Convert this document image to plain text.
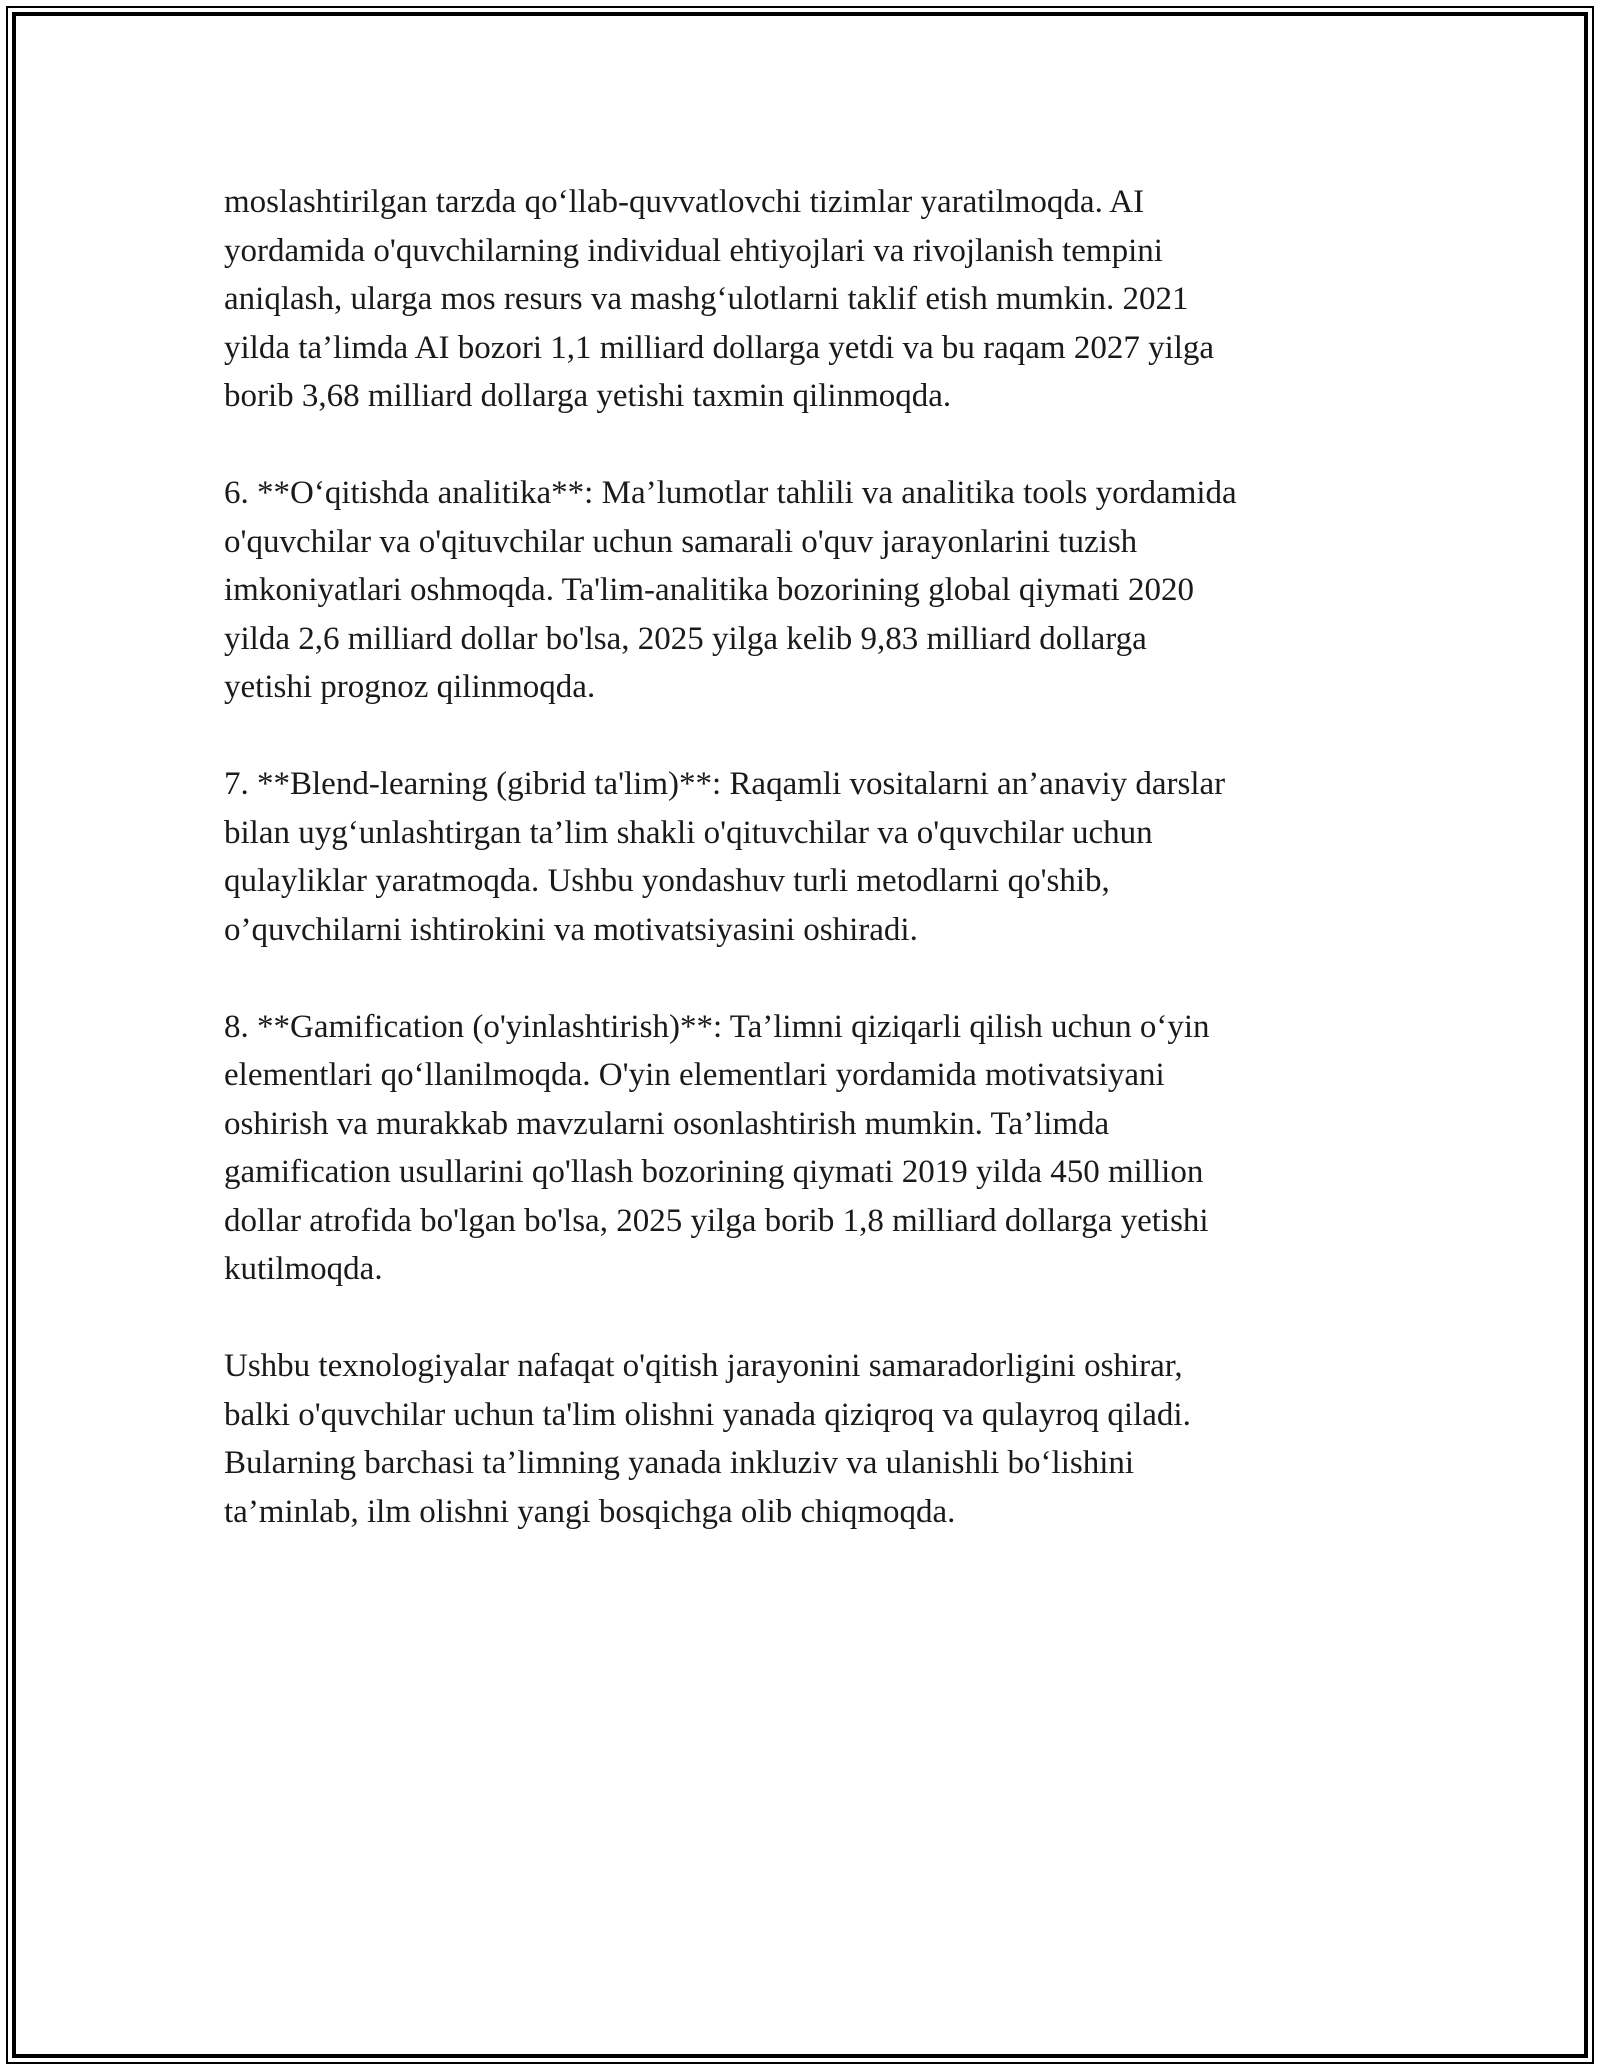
moslashtirilgan tarzda qo‘llab-quvvatlovchi tizimlar yaratilmoqda. AI
yordamida o'quvchilarning individual ehtiyojlari va rivojlanish tempini
aniqlash, ularga mos resurs va mashg‘ulotlarni taklif etish mumkin. 2021
yilda ta’limda AI bozori 1,1 milliard dollarga yetdi va bu raqam 2027 yilga
borib 3,68 milliard dollarga yetishi taxmin qilinmoqda.

6. **O‘qitishda analitika**: Ma’lumotlar tahlili va analitika tools yordamida
o'quvchilar va o'qituvchilar uchun samarali o'quv jarayonlarini tuzish
imkoniyatlari oshmoqda. Ta'lim-analitika bozorining global qiymati 2020
yilda 2,6 milliard dollar bo'lsa, 2025 yilga kelib 9,83 milliard dollarga
yetishi prognoz qilinmoqda.

7. **Blend-learning (gibrid ta'lim)**: Raqamli vositalarni an’anaviy darslar
bilan uyg‘unlashtirgan ta’lim shakli o'qituvchilar va o'quvchilar uchun
qulayliklar yaratmoqda. Ushbu yondashuv turli metodlarni qo'shib,
o’quvchilarni ishtirokini va motivatsiyasini oshiradi.

8. **Gamification (o'yinlashtirish)**: Ta’limni qiziqarli qilish uchun o‘yin
elementlari qo‘llanilmoqda. O'yin elementlari yordamida motivatsiyani
oshirish va murakkab mavzularni osonlashtirish mumkin. Ta’limda
gamification usullarini qo'llash bozorining qiymati 2019 yilda 450 million
dollar atrofida bo'lgan bo'lsa, 2025 yilga borib 1,8 milliard dollarga yetishi
kutilmoqda.

Ushbu texnologiyalar nafaqat o'qitish jarayonini samaradorligini oshirar,
balki o'quvchilar uchun ta'lim olishni yanada qiziqroq va qulayroq qiladi.
Bularning barchasi ta’limning yanada inkluziv va ulanishli bo‘lishini
ta’minlab, ilm olishni yangi bosqichga olib chiqmoqda.
